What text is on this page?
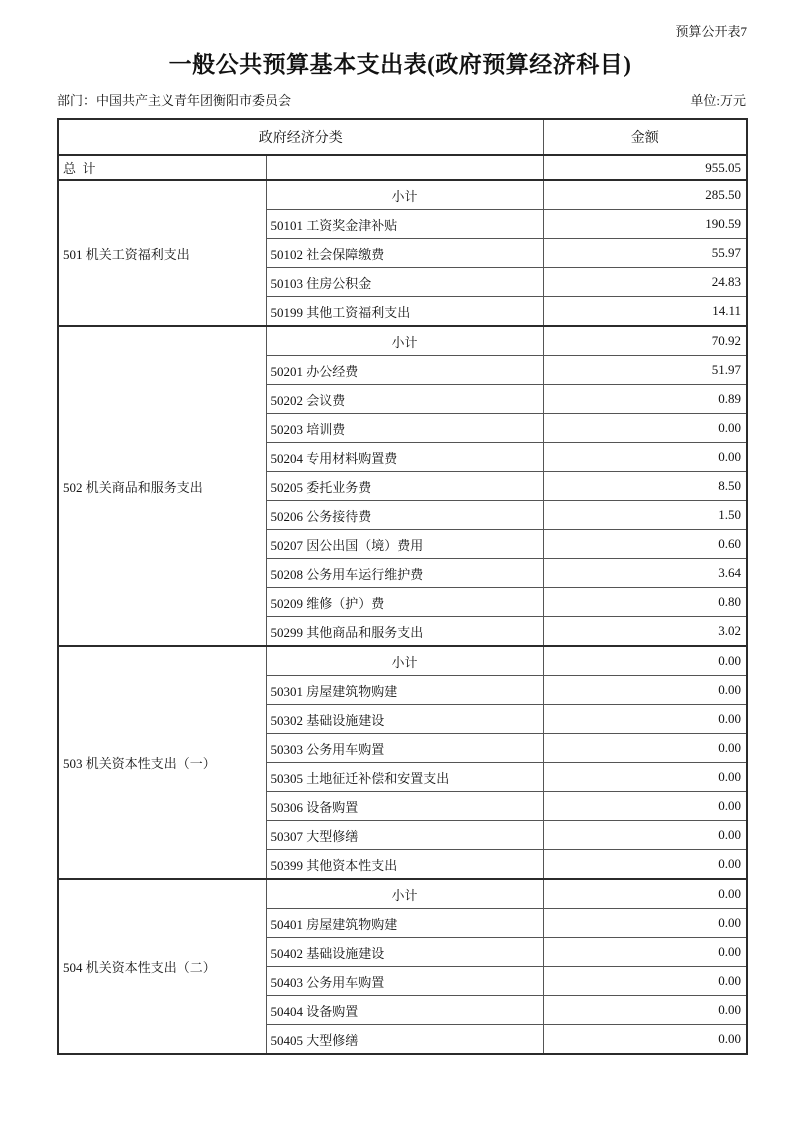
预算公开表7
一般公共预算基本支出表(政府预算经济科目)
部门：中国共产主义青年团衡阳市委员会	单位:万元
政府经济分类		金额
总  计		955.05
501 机关工资福利支出	小计	285.50
	50101 工资奖金津补贴	190.59
	50102 社会保障缴费	55.97
	50103 住房公积金	24.83
	50199 其他工资福利支出	14.11
502 机关商品和服务支出	小计	70.92
	50201 办公经费	51.97
	50202 会议费	0.89
	50203 培训费	0.00
	50204 专用材料购置费	0.00
	50205 委托业务费	8.50
	50206 公务接待费	1.50
	50207 因公出国（境）费用	0.60
	50208 公务用车运行维护费	3.64
	50209 维修（护）费	0.80
	50299 其他商品和服务支出	3.02
503 机关资本性支出（一）	小计	0.00
	50301 房屋建筑物购建	0.00
	50302 基础设施建设	0.00
	50303 公务用车购置	0.00
	50305 土地征迁补偿和安置支出	0.00
	50306 设备购置	0.00
	50307 大型修缮	0.00
	50399 其他资本性支出	0.00
504 机关资本性支出（二）	小计	0.00
	50401 房屋建筑物购建	0.00
	50402 基础设施建设	0.00
	50403 公务用车购置	0.00
	50404 设备购置	0.00
	50405 大型修缮	0.00
